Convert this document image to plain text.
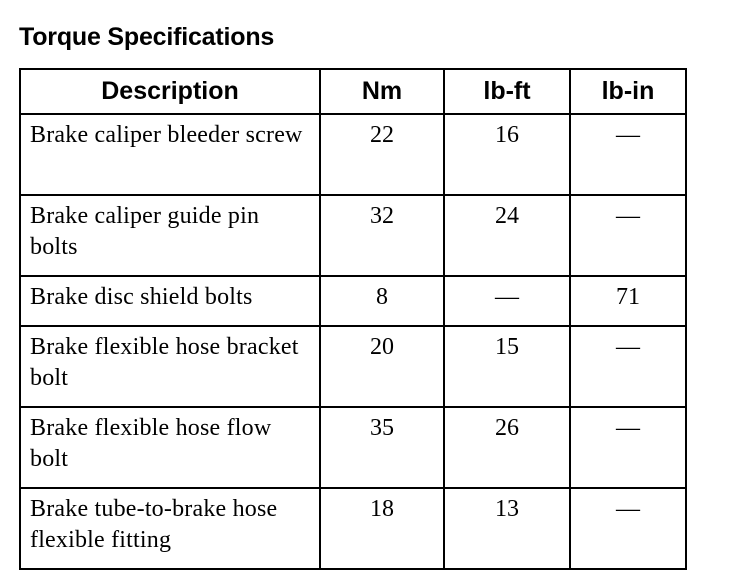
Torque Specifications
Description	Nm	lb-ft	lb-in
Brake caliper bleeder screw	22	16	—
Brake caliper guide pin bolts	32	24	—
Brake disc shield bolts	8	—	71
Brake flexible hose bracket bolt	20	15	—
Brake flexible hose flow bolt	35	26	—
Brake tube-to-brake hose flexible fitting	18	13	—
